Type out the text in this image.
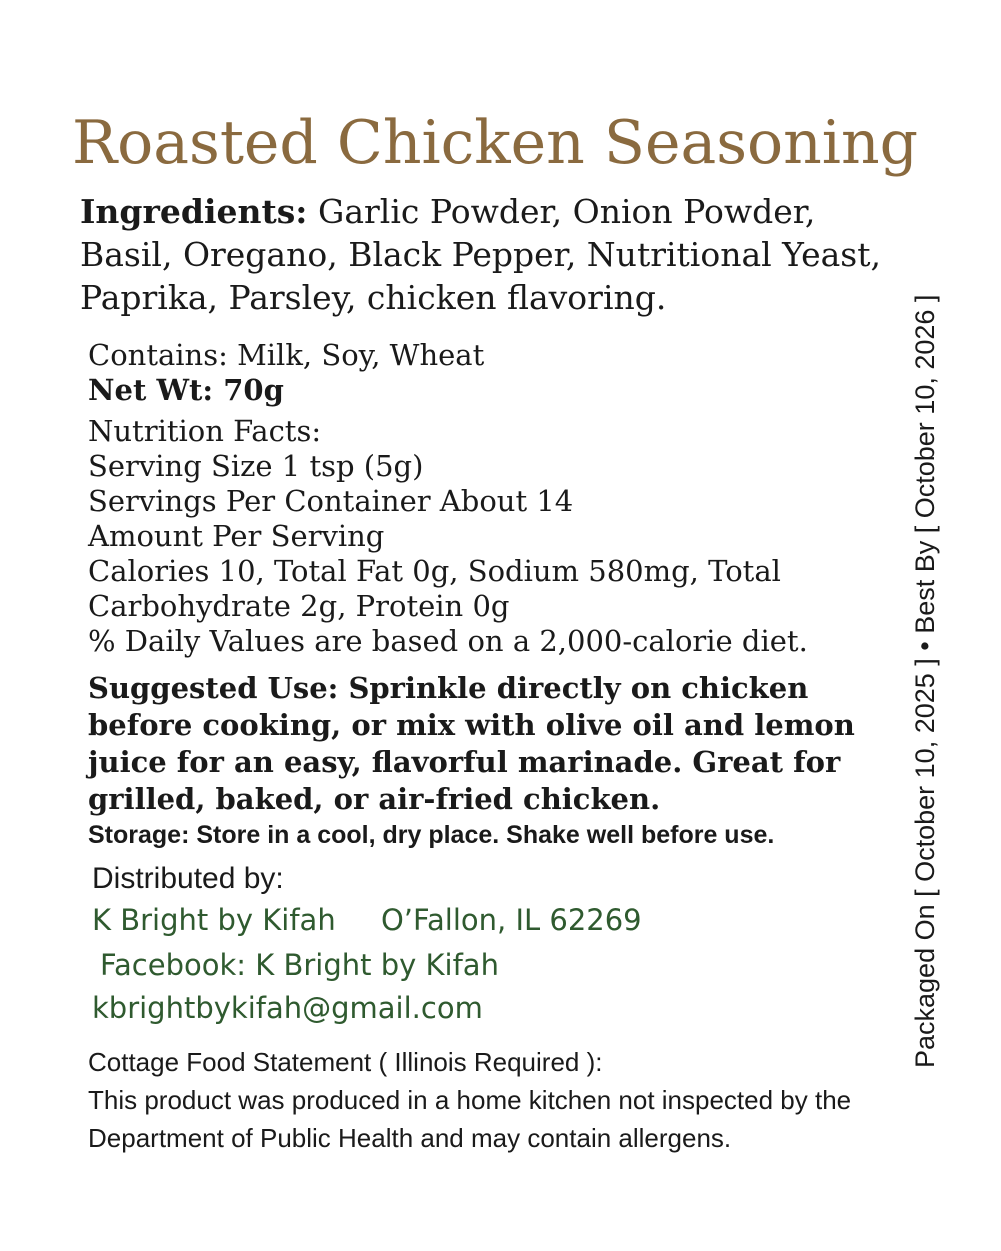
Roasted Chicken Seasoning
Ingredients: Garlic Powder, Onion Powder, Basil, Oregano, Black Pepper, Nutritional Yeast, Paprika, Parsley, chicken flavoring.
Contains: Milk, Soy, Wheat
Net Wt: 70g
Nutrition Facts:
Serving Size 1 tsp (5g)
Servings Per Container About 14
Amount Per Serving
Calories 10, Total Fat 0g, Sodium 580mg, Total Carbohydrate 2g, Protein 0g
% Daily Values are based on a 2,000-calorie diet.
Suggested Use: Sprinkle directly on chicken before cooking, or mix with olive oil and lemon juice for an easy, flavorful marinade. Great for grilled, baked, or air-fried chicken.
Storage: Store in a cool, dry place. Shake well before use.
Distributed by:
K Bright by Kifah O’Fallon, IL 62269
Facebook: K Bright by Kifah
kbrightbykifah@gmail.com
Cottage Food Statement ( Illinois Required ):
This product was produced in a home kitchen not inspected by the Department of Public Health and may contain allergens.
Packaged On [ October 10, 2025 ] • Best By [ October 10, 2026 ]
